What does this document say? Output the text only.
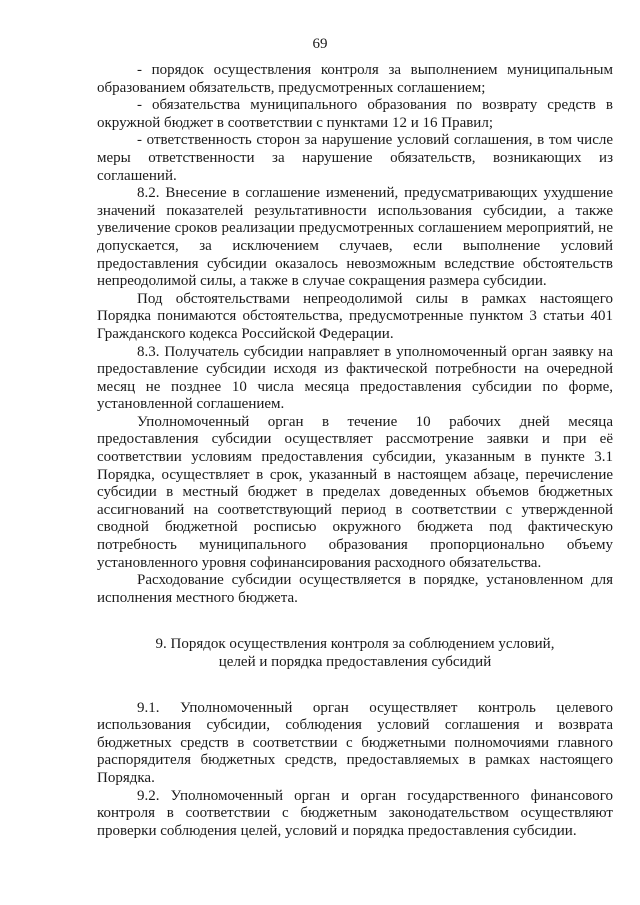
69

- порядок осуществления контроля за выполнением муниципальным образованием обязательств, предусмотренных соглашением;

- обязательства муниципального образования по возврату средств в окружной бюджет в соответствии с пунктами 12 и 16 Правил;

- ответственность сторон за нарушение условий соглашения, в том числе меры ответственности за нарушение обязательств, возникающих из соглашений.

8.2. Внесение в соглашение изменений, предусматривающих ухудшение значений показателей результативности использования субсидии, а также увеличение сроков реализации предусмотренных соглашением мероприятий, не допускается, за исключением случаев, если выполнение условий предоставления субсидии оказалось невозможным вследствие обстоятельств непреодолимой силы, а также в случае сокращения размера субсидии.

Под обстоятельствами непреодолимой силы в рамках настоящего Порядка понимаются обстоятельства, предусмотренные пунктом 3 статьи 401 Гражданского кодекса Российской Федерации.

8.3. Получатель субсидии направляет в уполномоченный орган заявку на предоставление субсидии исходя из фактической потребности на очередной месяц не позднее 10 числа месяца предоставления субсидии по форме, установленной соглашением.

Уполномоченный орган в течение 10 рабочих дней месяца предоставления субсидии осуществляет рассмотрение заявки и при её соответствии условиям предоставления субсидии, указанным в пункте 3.1 Порядка, осуществляет в срок, указанный в настоящем абзаце, перечисление субсидии в местный бюджет в пределах доведенных объемов бюджетных ассигнований на соответствующий период в соответствии с утвержденной сводной бюджетной росписью окружного бюджета под фактическую потребность муниципального образования пропорционально объему установленного уровня софинансирования расходного обязательства.

Расходование субсидии осуществляется в порядке, установленном для исполнения местного бюджета.

9. Порядок осуществления контроля за соблюдением условий,
целей и порядка предоставления субсидий

9.1. Уполномоченный орган осуществляет контроль целевого использования субсидии, соблюдения условий соглашения и возврата бюджетных средств в соответствии с бюджетными полномочиями главного распорядителя бюджетных средств, предоставляемых в рамках настоящего Порядка.

9.2. Уполномоченный орган и орган государственного финансового контроля в соответствии с бюджетным законодательством осуществляют проверки соблюдения целей, условий и порядка предоставления субсидии.
